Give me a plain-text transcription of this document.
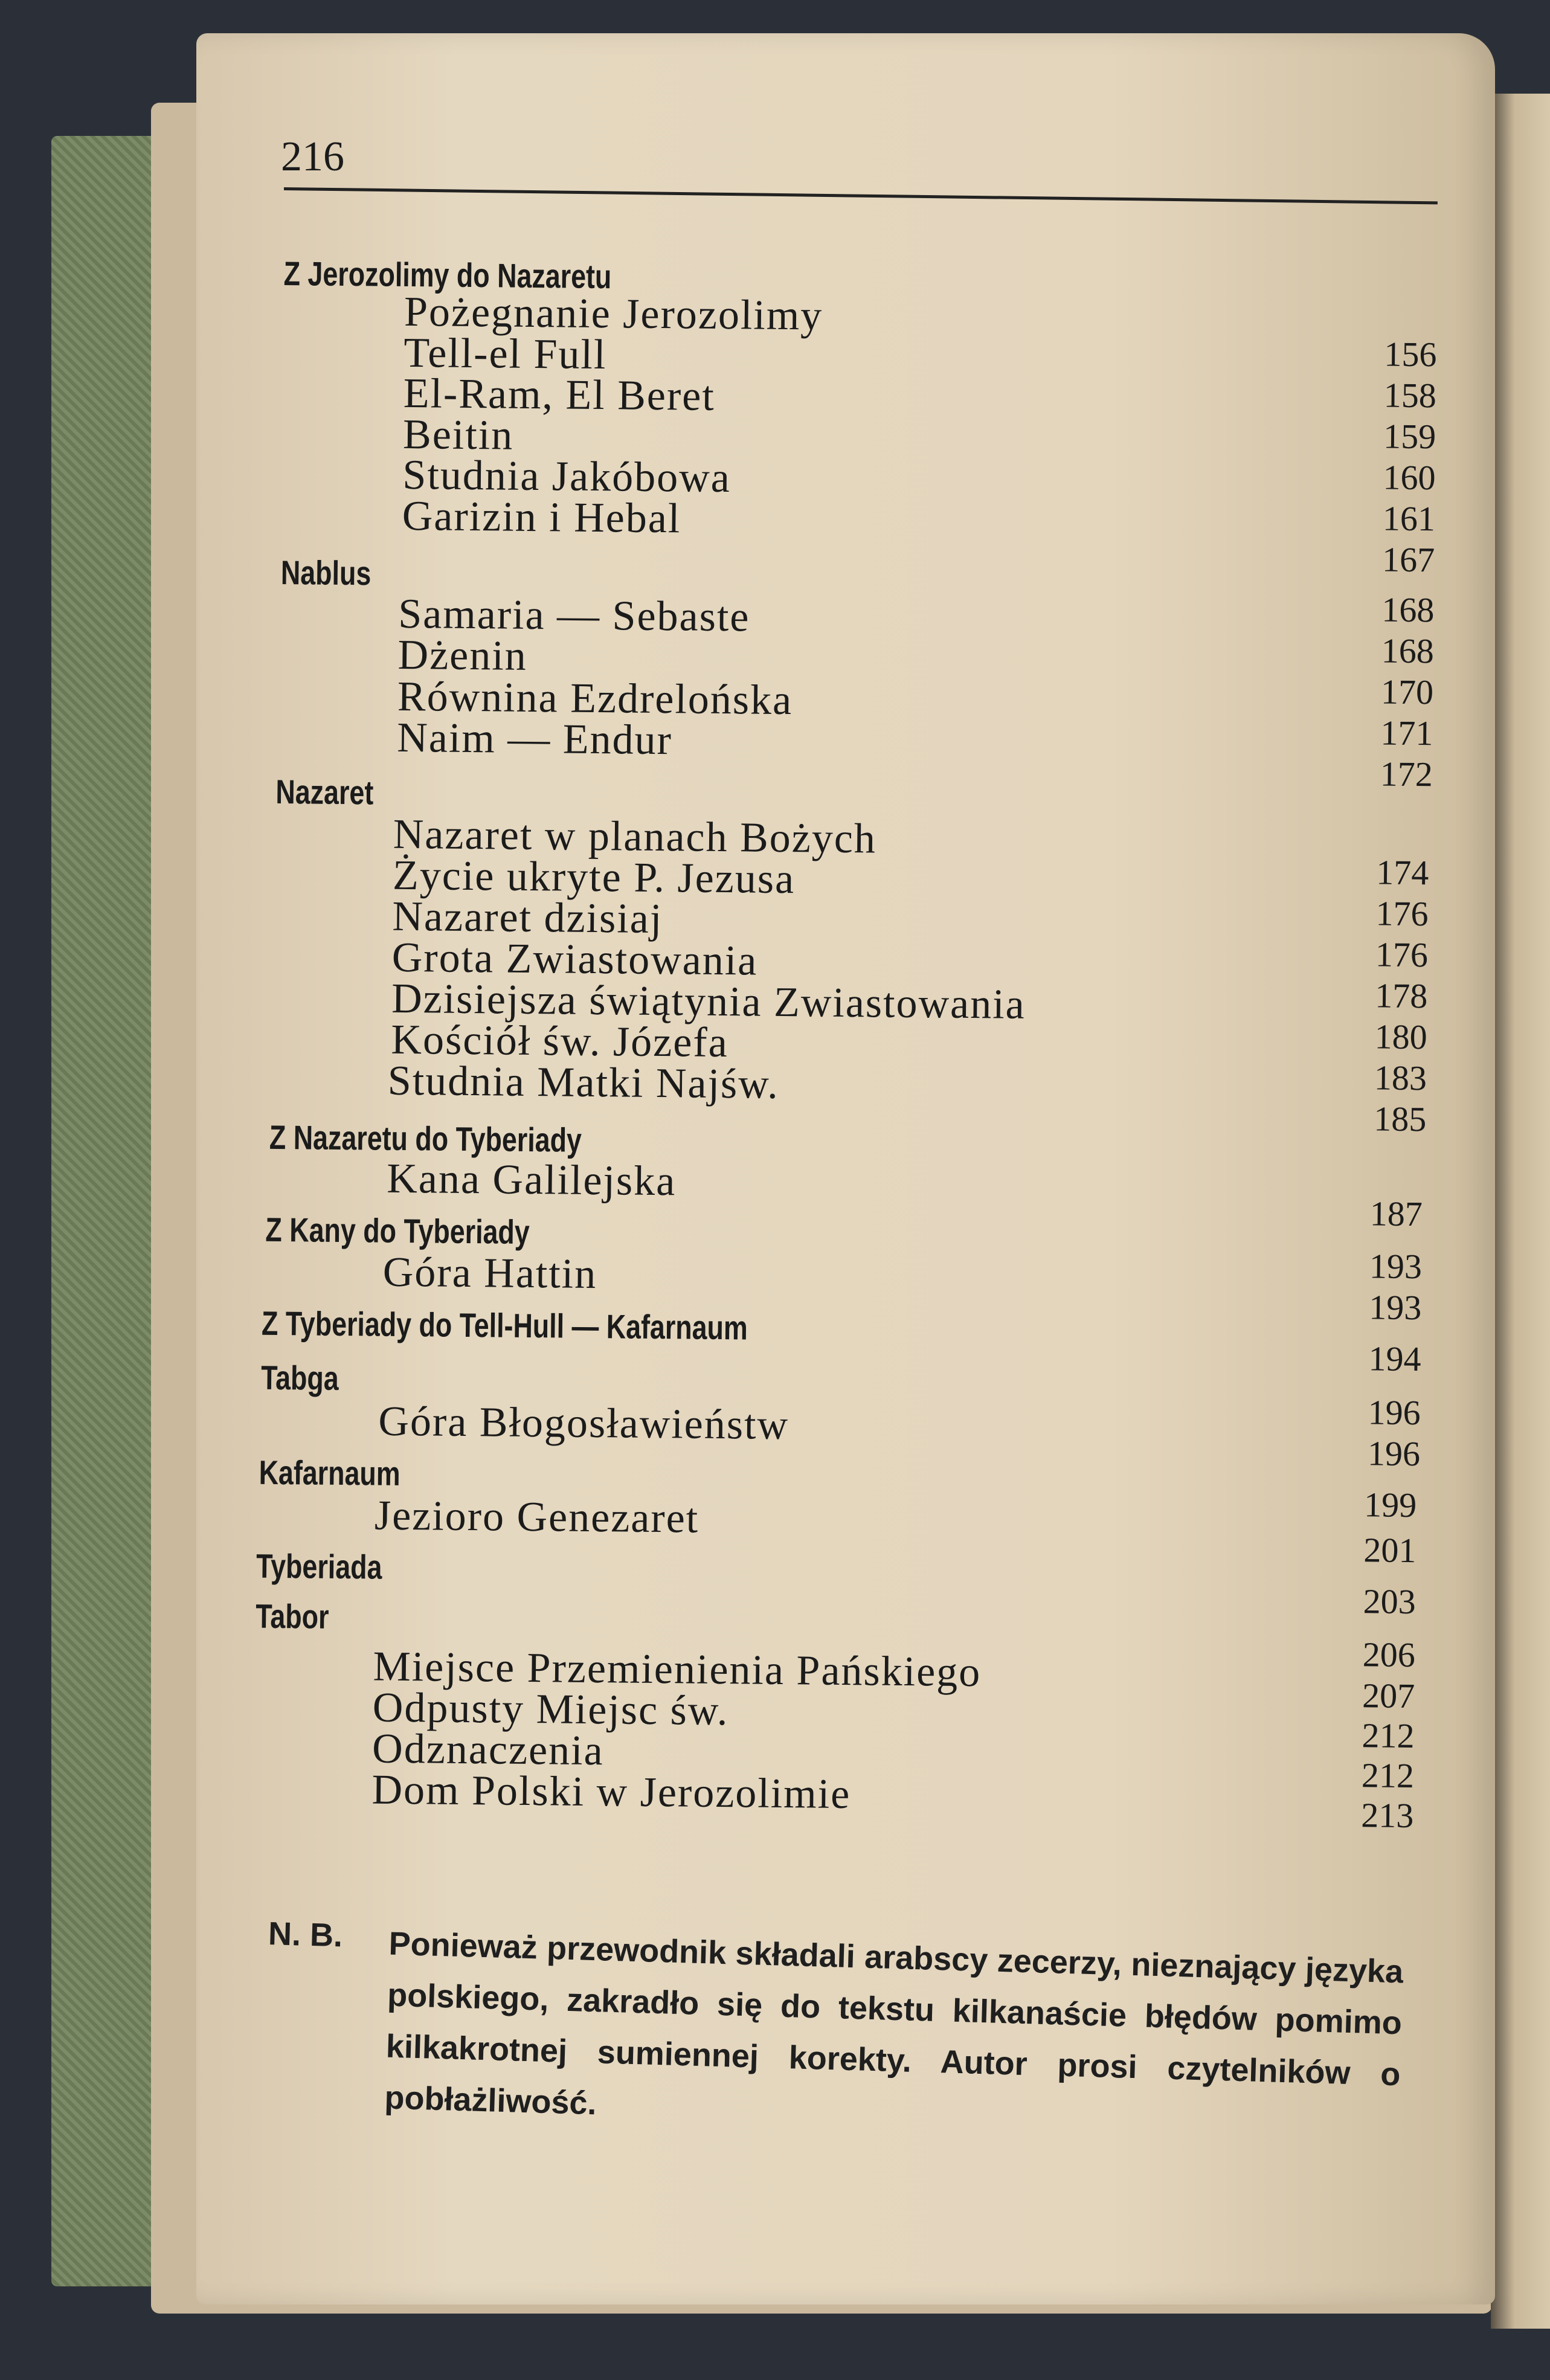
216

Z Jerozolimy do Nazaretu
Pożegnanie Jerozolimy
Tell-el Full
El-Ram, El Beret
Beitin
Studnia Jakóbowa
Garizin i Hebal
Nablus
Samaria — Sebaste
Dżenin
Równina Ezdrelońska
Naim — Endur
Nazaret
Nazaret w planach Bożych
Życie ukryte P. Jezusa
Nazaret dzisiaj
Grota Zwiastowania
Dzisiejsza świątynia Zwiastowania
Kościół św. Józefa
Studnia Matki Najśw.
Z Nazaretu do Tyberiady
Kana Galilejska
Z Kany do Tyberiady
Góra Hattin
Z Tyberiady do Tell-Hull — Kafarnaum
Tabga
Góra Błogosławieństw
Kafarnaum
Jezioro Genezaret
Tyberiada
Tabor
Miejsce Przemienienia Pańskiego
Odpusty Miejsc św.
Odznaczenia
Dom Polski w Jerozolimie
156
158
159
160
161
167
168
168
170
171
172
174
176
176
178
180
183
185
187
193
193
194
196
196
199
201
203
206
207
212
212
213
N. B.	Ponieważ przewodnik składali arabscy zecerzy, nieznający języka polskiego, zakradło się do tekstu kilkanaście błędów pomimo kilkakrotnej sumiennej korekty. Autor prosi czytelników o pobłażliwość.
